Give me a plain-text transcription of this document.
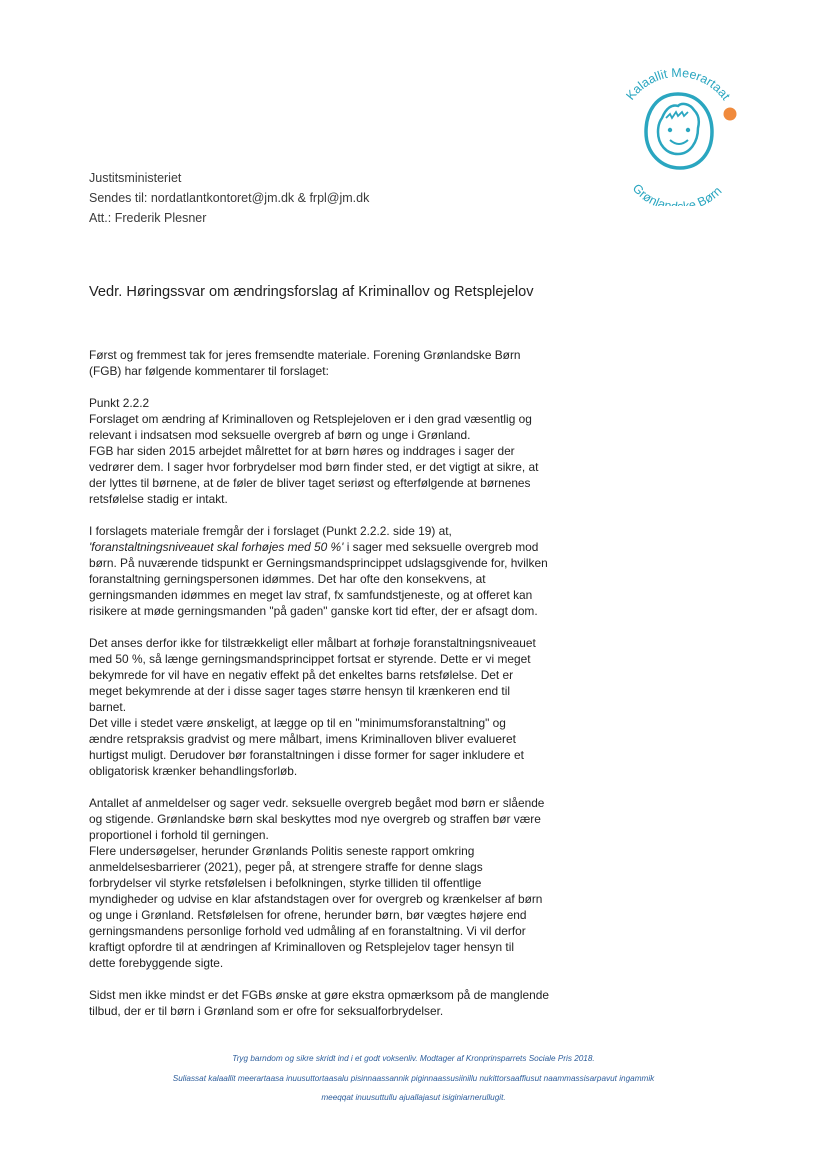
Kalaallit Meerartaat
Grønlan e Børn
Justitsministeriet
Sendes til: nordatlantkontoret@jm.dk & frpl@jm.dk
Att.: Frederik Plesner
Vedr. Høringssvar om ændringsforslag af Kriminallov og Retsplejelov

Først og fremmest tak for jeres fremsendte materiale. Forening Grønlandske Børn
(FGB) har følgende kommentarer til forslaget:

Punkt 2.2.2
Forslaget om ændring af Kriminalloven og Retsplejeloven er i den grad væsentlig og
relevant i indsatsen mod seksuelle overgreb af børn og unge i Grønland.
FGB har siden 2015 arbejdet målrettet for at børn høres og inddrages i sager der
vedrører dem. I sager hvor forbrydelser mod børn finder sted, er det vigtigt at sikre, at
der lyttes til børnene, at de føler de bliver taget seriøst og efterfølgende at børnenes
retsfølelse stadig er intakt.

I forslagets materiale fremgår der i forslaget (Punkt 2.2.2. side 19) at,
'foranstaltningsniveauet skal forhøjes med 50 %' i sager med seksuelle overgreb mod
børn. På nuværende tidspunkt er Gerningsmandsprincippet udslagsgivende for, hvilken
foranstaltning gerningspersonen idømmes. Det har ofte den konsekvens, at
gerningsmanden idømmes en meget lav straf, fx samfundstjeneste, og at offeret kan
risikere at møde gerningsmanden "på gaden" ganske kort tid efter, der er afsagt dom.

Det anses derfor ikke for tilstrækkeligt eller målbart at forhøje foranstaltningsniveauet
med 50 %, så længe gerningsmandsprincippet fortsat er styrende. Dette er vi meget
bekymrede for vil have en negativ effekt på det enkeltes barns retsfølelse. Det er
meget bekymrende at der i disse sager tages større hensyn til krænkeren end til
barnet.
Det ville i stedet være ønskeligt, at lægge op til en "minimumsforanstaltning" og
ændre retspraksis gradvist og mere målbart, imens Kriminalloven bliver evalueret
hurtigst muligt. Derudover bør foranstaltningen i disse former for sager inkludere et
obligatorisk krænker behandlingsforløb.

Antallet af anmeldelser og sager vedr. seksuelle overgreb begået mod børn er slående
og stigende. Grønlandske børn skal beskyttes mod nye overgreb og straffen bør være
proportionel i forhold til gerningen.
Flere undersøgelser, herunder Grønlands Politis seneste rapport omkring
anmeldelsesbarrierer (2021), peger på, at strengere straffe for denne slags
forbrydelser vil styrke retsfølelsen i befolkningen, styrke tilliden til offentlige
myndigheder og udvise en klar afstandstagen over for overgreb og krænkelser af børn
og unge i Grønland. Retsfølelsen for ofrene, herunder børn, bør vægtes højere end
gerningsmandens personlige forhold ved udmåling af en foranstaltning. Vi vil derfor
kraftigt opfordre til at ændringen af Kriminalloven og Retsplejelov tager hensyn til
dette forebyggende sigte.

Sidst men ikke mindst er det FGBs ønske at gøre ekstra opmærksom på de manglende
tilbud, der er til børn i Grønland som er ofre for seksualforbrydelser.

Tryg barndom og sikre skridt ind i et godt voksenliv. Modtager af Kronprinsparrets Sociale Pris 2018.
Suliassat kalaallit meerartaasa inuusuttortaasalu pisinnaassannik piginnaassusiinillu nukittorsaaffiusut naammassisarpavut ingammik
meeqqat inuusuttullu ajuallajasut isiginiarnerullugit.
